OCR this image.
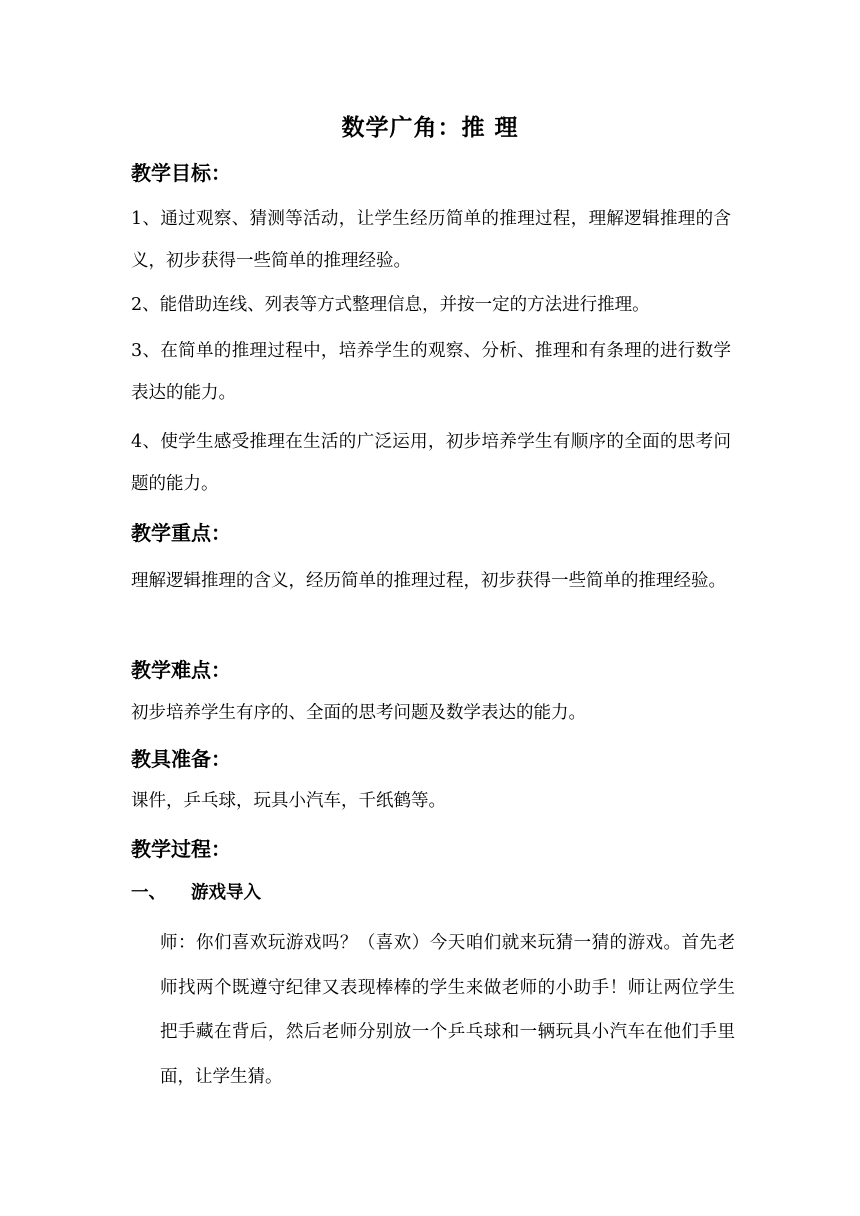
数学广角：推 理
教学目标：
1、通过观察、猜测等活动，让学生经历简单的推理过程，理解逻辑推理的含义，初步获得一些简单的推理经验。
2、能借助连线、列表等方式整理信息，并按一定的方法进行推理。
3、在简单的推理过程中，培养学生的观察、分析、推理和有条理的进行数学表达的能力。
4、使学生感受推理在生活的广泛运用，初步培养学生有顺序的全面的思考问题的能力。
教学重点：
理解逻辑推理的含义，经历简单的推理过程，初步获得一些简单的推理经验。
教学难点：
初步培养学生有序的、全面的思考问题及数学表达的能力。
教具准备：
课件，乒乓球，玩具小汽车，千纸鹤等。
教学过程：
一、 游戏导入
师：你们喜欢玩游戏吗？（喜欢）今天咱们就来玩猜一猜的游戏。首先老师找两个既遵守纪律又表现棒棒的学生来做老师的小助手！师让两位学生把手藏在背后，然后老师分别放一个乒乓球和一辆玩具小汽车在他们手里面，让学生猜。
